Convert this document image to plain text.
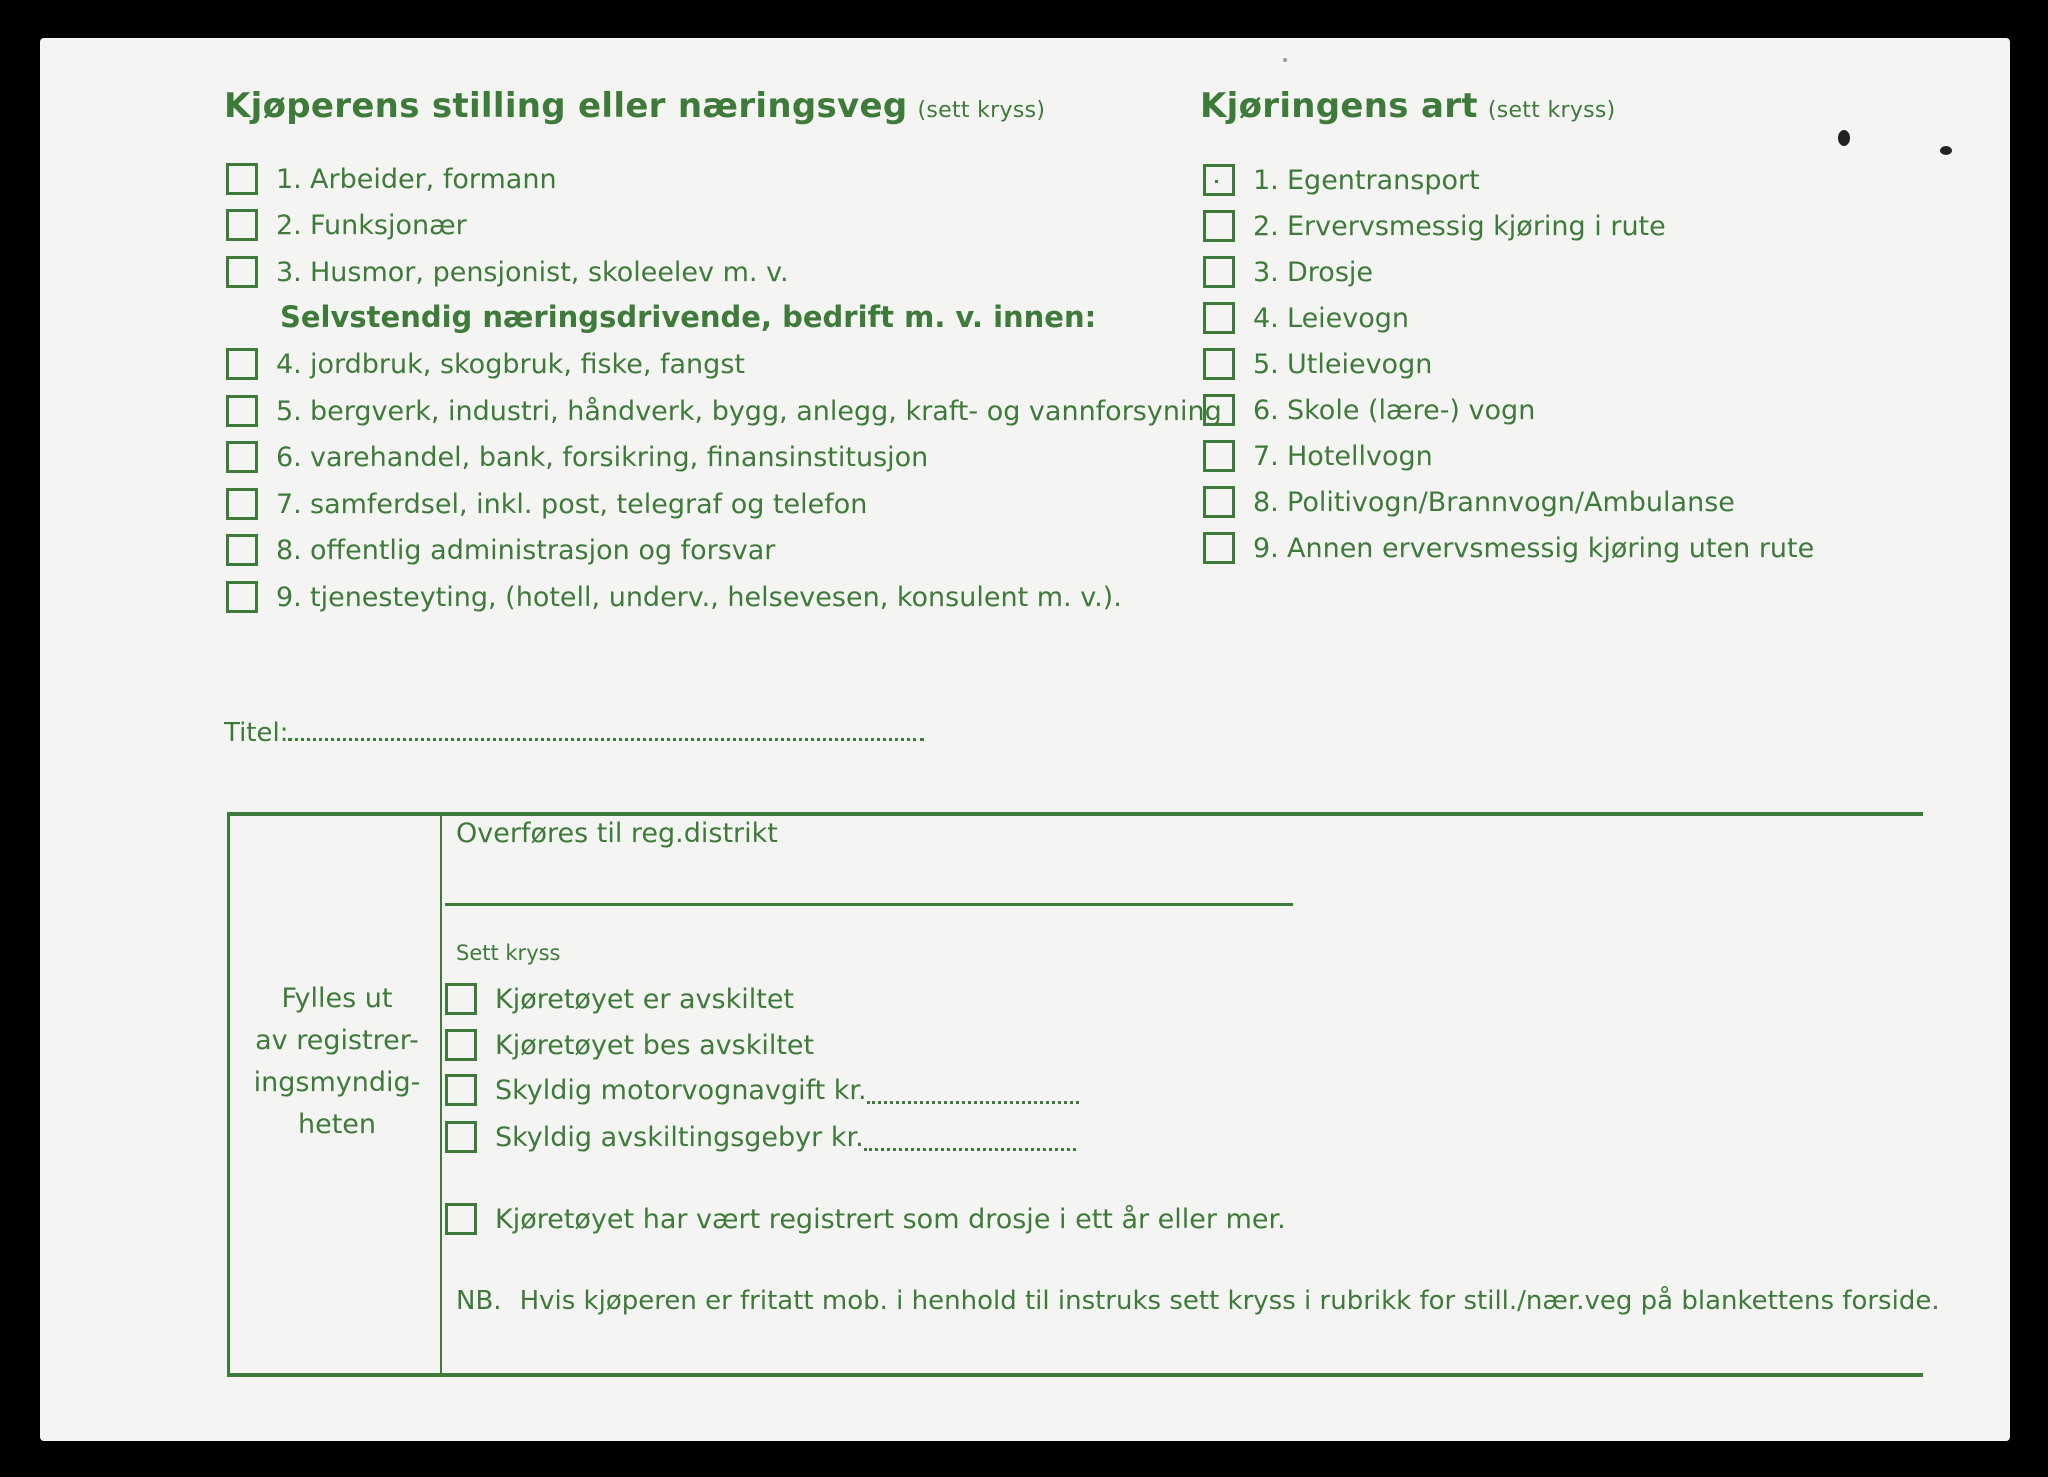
Kjøperens stilling eller næringsveg (sett kryss)
1. Arbeider, formann
2. Funksjonær
3. Husmor, pensjonist, skoleelev m. v.
Selvstendig næringsdrivende, bedrift m. v. innen:
4. jordbruk, skogbruk, fiske, fangst
5. bergverk, industri, håndverk, bygg, anlegg, kraft- og vannforsyning
6. varehandel, bank, forsikring, finansinstitusjon
7. samferdsel, inkl. post, telegraf og telefon
8. offentlig administrasjon og forsvar
9. tjenesteyting, (hotell, underv., helsevesen, konsulent m. v.).
Kjøringens art (sett kryss)
1. Egentransport
2. Ervervsmessig kjøring i rute
3. Drosje
4. Leievogn
5. Utleievogn
6. Skole (lære-) vogn
7. Hotellvogn
8. Politivogn/Brannvogn/Ambulanse
9. Annen ervervsmessig kjøring uten rute
Titel:
Fylles ut
av registrer-
ingsmyndig-
heten
Overføres til reg.distrikt
Sett kryss
Kjøretøyet er avskiltet
Kjøretøyet bes avskiltet
Skyldig motorvognavgift kr.
Skyldig avskiltingsgebyr kr.
Kjøretøyet har vært registrert som drosje i ett år eller mer.
NB. Hvis kjøperen er fritatt mob. i henhold til instruks sett kryss i rubrikk for still./nær.veg på blankettens forside.
